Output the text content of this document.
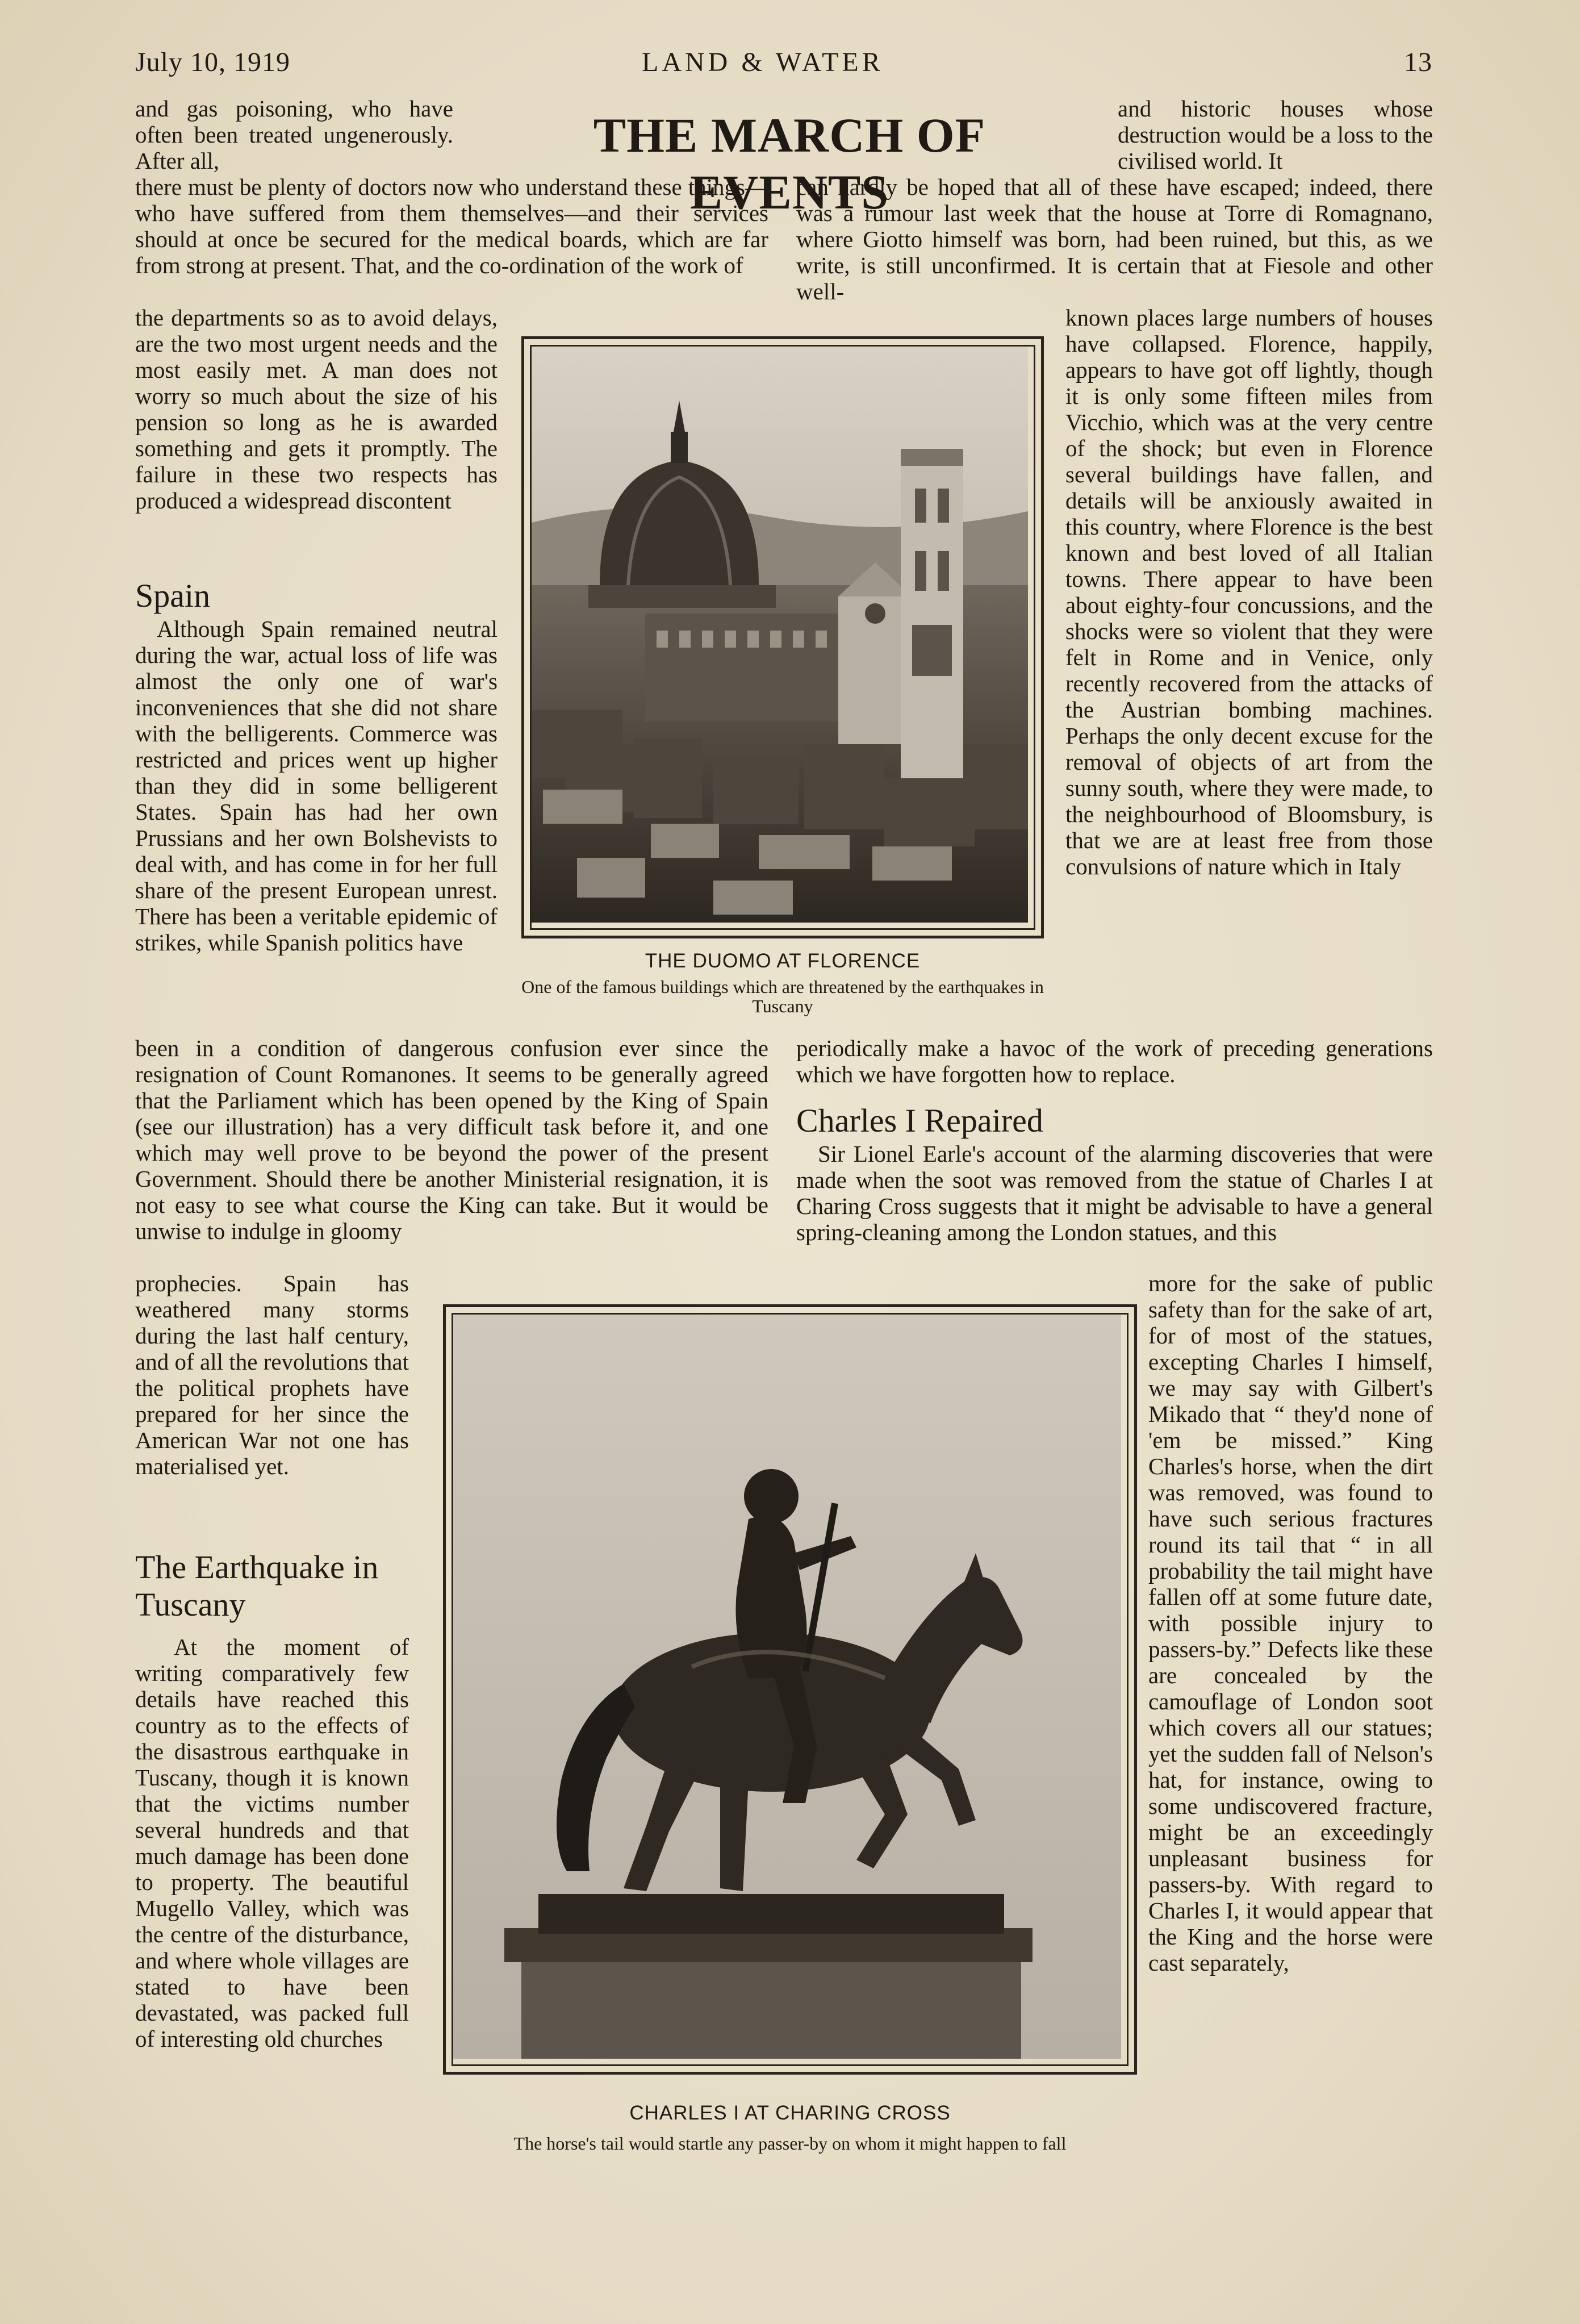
July 10, 1919	LAND & WATER	13
THE MARCH OF EVENTS
and gas poisoning, who have often been treated ungenerously. After all,
there must be plenty of doctors now who understand these things—who have suffered from them themselves—and their services should at once be secured for the medical boards, which are far from strong at present. That, and the co-ordination of the work of
the departments so as to avoid delays, are the two most urgent needs and the most easily met. A man does not worry so much about the size of his pension so long as he is awarded something and gets it promptly. The failure in these two respects has produced a widespread discontent
Spain
Although Spain remained neutral during the war, actual loss of life was almost the only one of war's inconveniences that she did not share with the belligerents. Commerce was restricted and prices went up higher than they did in some belligerent States. Spain has had her own Prussians and her own Bolshevists to deal with, and has come in for her full share of the present European unrest. There has been a veritable epidemic of strikes, while Spanish politics have
been in a condition of dangerous confusion ever since the resignation of Count Romanones. It seems to be generally agreed that the Parliament which has been opened by the King of Spain (see our illustration) has a very difficult task before it, and one which may well prove to be beyond the power of the present Government. Should there be another Ministerial resignation, it is not easy to see what course the King can take. But it would be unwise to indulge in gloomy
prophecies. Spain has weathered many storms during the last half century, and of all the revolutions that the political prophets have prepared for her since the American War not one has materialised yet.
The Earthquake in Tuscany
At the moment of writing comparatively few details have reached this country as to the effects of the disastrous earthquake in Tuscany, though it is known that the victims number several hundreds and that much damage has been done to property. The beautiful Mugello Valley, which was the centre of the disturbance, and where whole villages are stated to have been devastated, was packed full of interesting old churches
and historic houses whose destruction would be a loss to the civilised world. It
can hardly be hoped that all of these have escaped; indeed, there was a rumour last week that the house at Torre di Romagnano, where Giotto himself was born, had been ruined, but this, as we write, is still unconfirmed. It is certain that at Fiesole and other well-
known places large numbers of houses have collapsed. Florence, happily, appears to have got off lightly, though it is only some fifteen miles from Vicchio, which was at the very centre of the shock; but even in Florence several buildings have fallen, and details will be anxiously awaited in this country, where Florence is the best known and best loved of all Italian towns. There appear to have been about eighty-four concussions, and the shocks were so violent that they were felt in Rome and in Venice, only recently recovered from the attacks of the Austrian bombing machines. Perhaps the only decent excuse for the removal of objects of art from the sunny south, where they were made, to the neighbourhood of Bloomsbury, is that we are at least free from those convulsions of nature which in Italy
periodically make a havoc of the work of preceding generations which we have forgotten how to replace.
Charles I Repaired
Sir Lionel Earle's account of the alarming discoveries that were made when the soot was removed from the statue of Charles I at Charing Cross suggests that it might be advisable to have a general spring-cleaning among the London statues, and this
more for the sake of public safety than for the sake of art, for of most of the statues, excepting Charles I himself, we may say with Gilbert's Mikado that “ they'd none of 'em be missed.” King Charles's horse, when the dirt was removed, was found to have such serious fractures round its tail that “ in all probability the tail might have fallen off at some future date, with possible injury to passers-by.” Defects like these are concealed by the camouflage of London soot which covers all our statues; yet the sudden fall of Nelson's hat, for instance, owing to some undiscovered fracture, might be an exceedingly unpleasant business for passers-by. With regard to Charles I, it would appear that the King and the horse were cast separately,
THE DUOMO AT FLORENCE
One of the famous buildings which are threatened by the earthquakes in Tuscany
CHARLES I AT CHARING CROSS
The horse's tail would startle any passer-by on whom it might happen to fall
